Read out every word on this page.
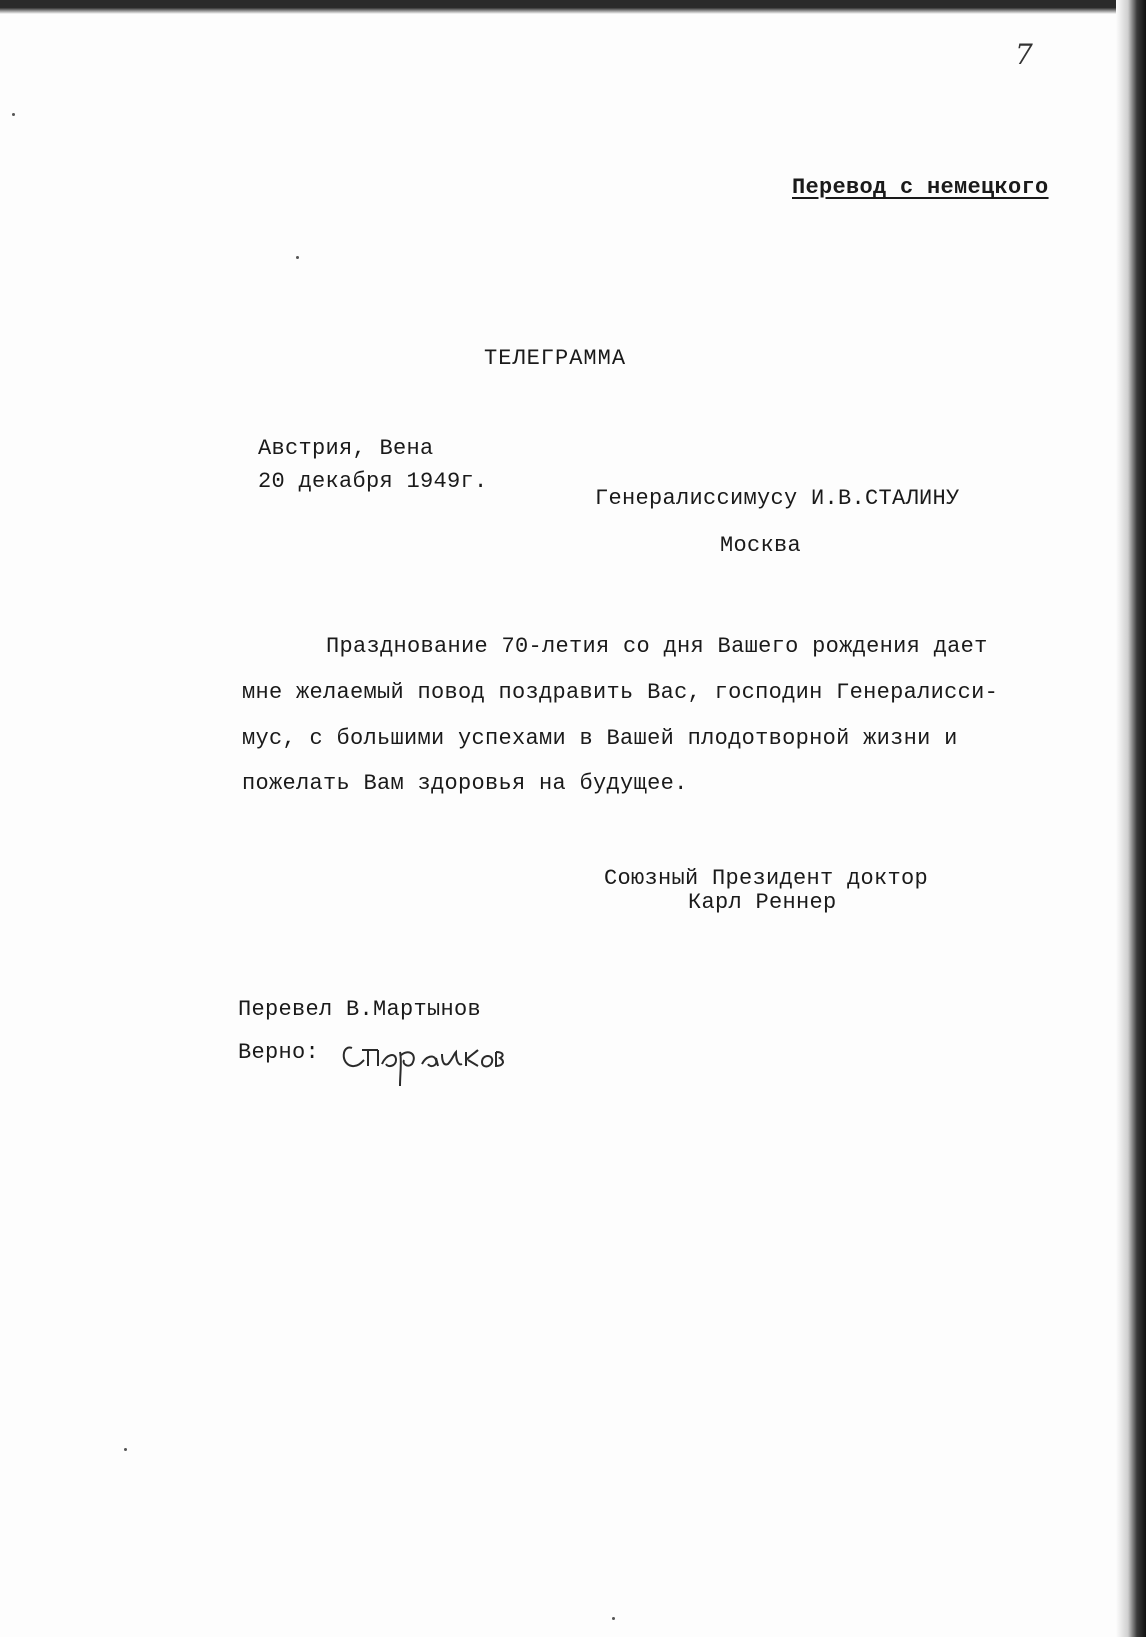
7
Перевод с немецкого
ТЕЛЕГРАММА
Австрия, Вена
20 декабря 1949г.
Генералиссимусу И.В.СТАЛИНУ
Москва
Празднование 70-летия со дня Вашего рождения дает
мне желаемый повод поздравить Вас, господин Генералисси-
мус, с большими успехами в Вашей плодотворной жизни и
пожелать Вам здоровья на будущее.
Союзный Президент доктор
Карл Реннер
Перевел В.Мартынов
Верно:
